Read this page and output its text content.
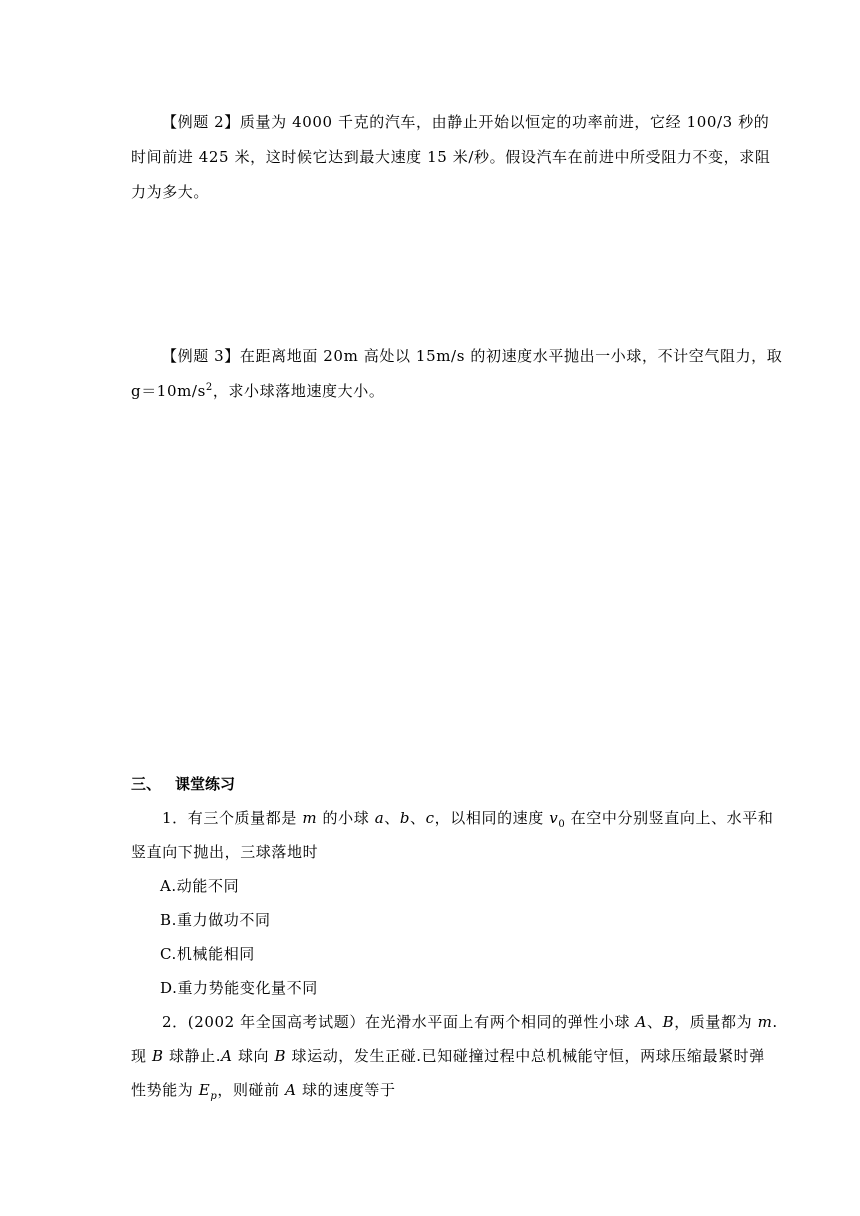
【例题 2】质量为 4000 千克的汽车，由静止开始以恒定的功率前进，它经 100/3 秒的
时间前进 425 米，这时候它达到最大速度 15 米/秒。假设汽车在前进中所受阻力不变，求阻
力为多大。
【例题 3】在距离地面 20m 高处以 15m/s 的初速度水平抛出一小球，不计空气阻力，取
$g=10m/s^2$，求小球落地速度大小。
三、 课堂练习
1．有三个质量都是 m 的小球 a、b、c，以相同的速度 $v_0$ 在空中分别竖直向上、水平和
竖直向下抛出，三球落地时
A.动能不同
B.重力做功不同
C.机械能相同
D.重力势能变化量不同
2．(2002 年全国高考试题）在光滑水平面上有两个相同的弹性小球 A、B，质量都为 m.
现 B 球静止.A 球向 B 球运动，发生正碰.已知碰撞过程中总机械能守恒，两球压缩最紧时弹
性势能为 $E_p$，则碰前 A 球的速度等于
